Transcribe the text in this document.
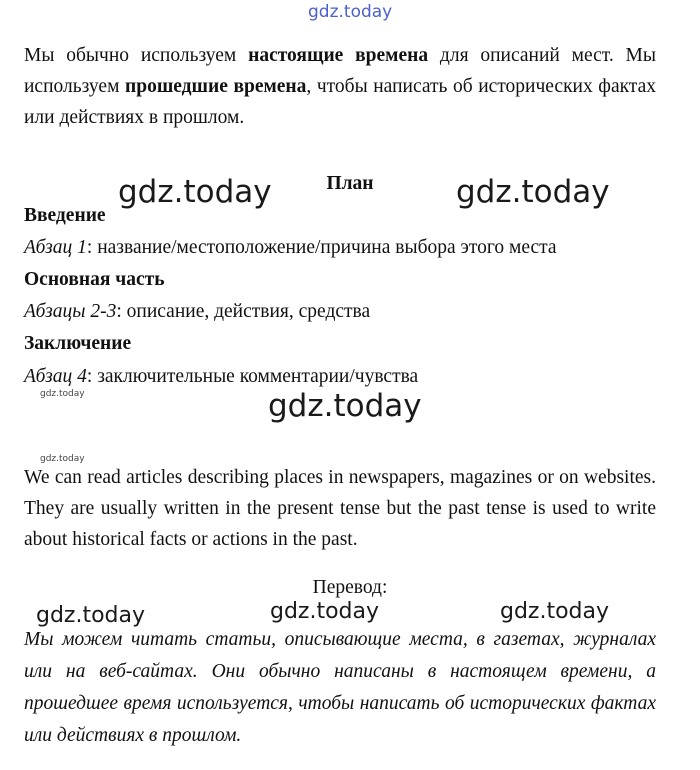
gdz.today
gdz.today	gdz.today
gdz.today
gdz.today
gdz.today
gdz.today	gdz.today	gdz.today

Мы обычно используем настоящие времена для описаний мест. Мы используем прошедшие времена, чтобы написать об исторических фактах или действиях в прошлом.

План

Введение

Абзац 1: название/местоположение/причина выбора этого места

Основная часть

Абзацы 2-3: описание, действия, средства

Заключение

Абзац 4: заключительные комментарии/чувства

We can read articles describing places in newspapers, magazines or on websites. They are usually written in the present tense but the past tense is used to write about historical facts or actions in the past.

Перевод:

Мы можем читать статьи, описывающие места, в газетах, журналах или на веб-сайтах. Они обычно написаны в настоящем времени, а прошедшее время используется, чтобы написать об исторических фактах или действиях в прошлом.
